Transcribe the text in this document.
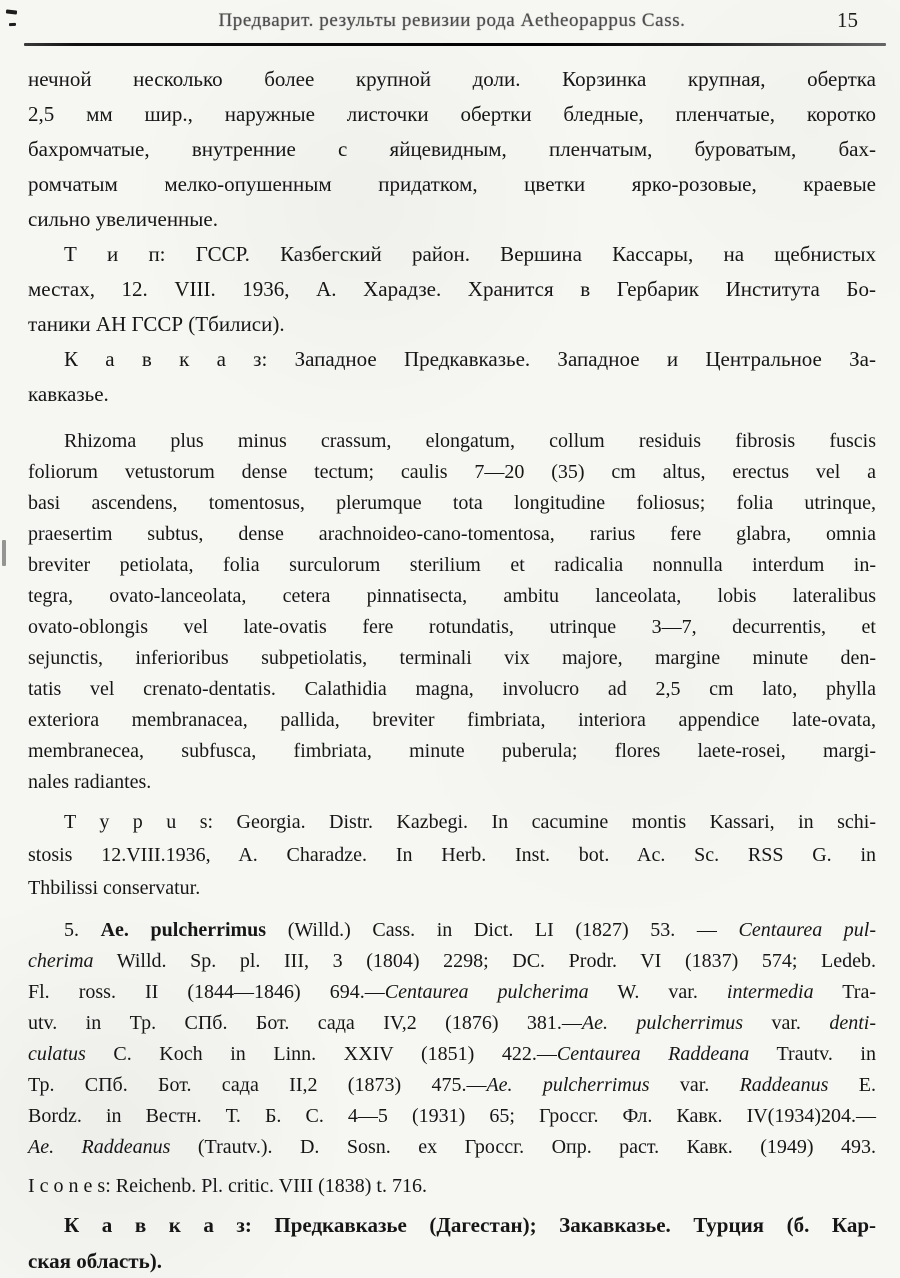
Предварит. результы ревизии рода Aetheopappus Cass.	15

нечной несколько более крупной доли. Корзинка крупная, обертка
2,5 мм шир., наружные листочки обертки бледные, пленчатые, коротко
бахромчатые, внутренние с яйцевидным, пленчатым, буроватым, бах-
ромчатым мелко-опушенным придатком, цветки ярко-розовые, краевые
сильно увеличенные.

Т и п: ГССР. Казбегский район. Вершина Кассары, на щебнистых
местах, 12. VIII. 1936, А. Харадзе. Хранится в Гербарик Института Бо-
таники АН ГССР (Тбилиси).

К а в к а з: Западное Предкавказье. Западное и Центральное За-
кавказье.

Rhizoma plus minus crassum, elongatum, collum residuis fibrosis fuscis
foliorum vetustorum dense tectum; caulis 7—20 (35) cm altus, erectus vel a
basi ascendens, tomentosus, plerumque tota longitudine foliosus; folia utrinque,
praesertim subtus, dense arachnoideo-cano-tomentosa, rarius fere glabra, omnia
breviter petiolata, folia surculorum sterilium et radicalia nonnulla interdum in-
tegra, ovato-lanceolata, cetera pinnatisecta, ambitu lanceolata, lobis lateralibus
ovato-oblongis vel late-ovatis fere rotundatis, utrinque 3—7, decurrentis, et
sejunctis, inferioribus subpetiolatis, terminali vix majore, margine minute den-
tatis vel crenato-dentatis. Calathidia magna, involucro ad 2,5 cm lato, phylla
exteriora membranacea, pallida, breviter fimbriata, interiora appendice late-ovata,
membranecea, subfusca, fimbriata, minute puberula; flores laete-rosei, margi-
nales radiantes.

T y p u s: Georgia. Distr. Kazbegi. In cacumine montis Kassari, in schi-
stosis 12.VIII.1936, A. Charadze. In Herb. Inst. bot. Ac. Sc. RSS G. in
Thbilissi conservatur.

5. Ae. pulcherrimus (Willd.) Cass. in Dict. LI (1827) 53. — Centaurea pul-
cherima Willd. Sp. pl. III, 3 (1804) 2298; DC. Prodr. VI (1837) 574; Ledeb.
Fl. ross. II (1844—1846) 694.—Centaurea pulcherima W. var. intermedia Tra-
utv. in Тр. СПб. Бот. сада IV,2 (1876) 381.—Ae. pulcherrimus var. denti-
culatus C. Koch in Linn. XXIV (1851) 422.—Centaurea Raddeana Trautv. in
Тр. СПб. Бот. сада II,2 (1873) 475.—Ae. pulcherrimus var. Raddeanus E.
Bordz. in Вестн. Т. Б. С. 4—5 (1931) 65; Гроссг. Фл. Кавк. IV(1934)204.—
Ae. Raddeanus (Trautv.). D. Sosn. ex Гроссг. Опр. раст. Кавк. (1949) 493.

I c o n e s: Reichenb. Pl. critic. VIII (1838) t. 716.

К а в к а з: Предкавказье (Дагестан); Закавказье. Турция (б. Кар-
ская область).
